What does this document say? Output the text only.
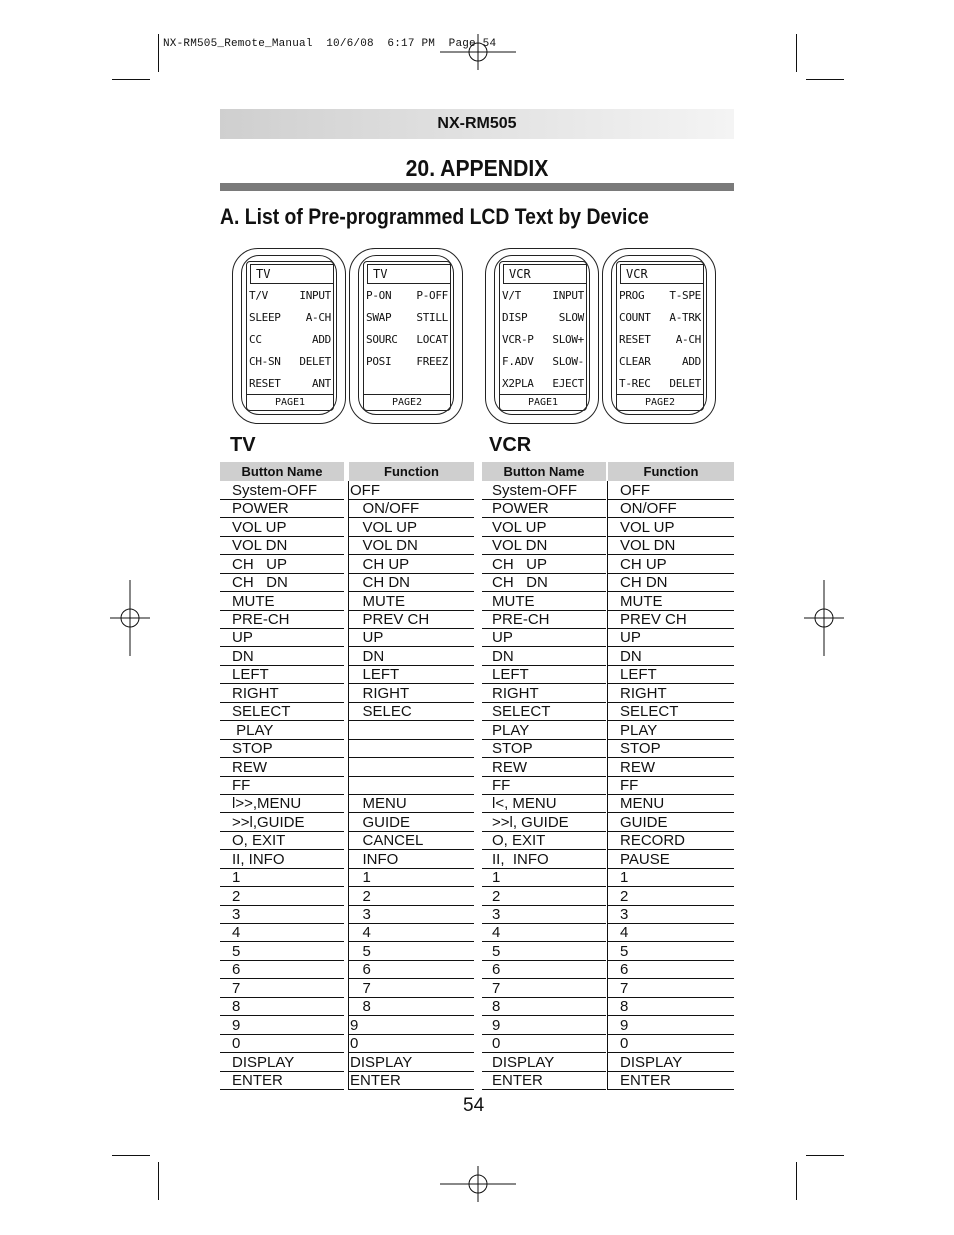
NX-RM505_Remote_Manual  10/6/08  6:17 PM  Page 54
NX-RM505
20. APPENDIX
A. List of Pre-programmed LCD Text by Device
TV
T/V	INPUT
SLEEP A-CH
CC	ADD
CH-SN DELET
RESET	ANT
PAGE1
TV
P-ON P-OFF
SWAP STILL
SOURC LOCAT
POSI FREEZ
PAGE2
VCR
V/T	INPUT
DISP	SLOW
VCR-P SLOW+
F.ADV SLOW-
X2PLA EJECT
PAGE1
VCR
PROG T-SPE
COUNT A-TRK
RESET A-CH
CLEAR	ADD
T-REC DELET
PAGE2
TV	VCR
Button Name			Function
System-OFF			OFF
POWER			ON/OFF
VOL UP			VOL UP
VOL DN			VOL DN
CH   UP			CH UP
CH   DN			CH DN
MUTE			MUTE
PRE-CH			PREV CH
UP			UP
DN			DN
LEFT			LEFT
RIGHT			RIGHT
SELECT			SELEC
PLAY			
STOP			
REW			
FF			
l>>,MENU			MENU
>>l,GUIDE			GUIDE
O, EXIT			CANCEL
II, INFO			INFO
1			1
2			2
3			3
4			4
5			5
6			6
7			7
8			8
9			9
0			0
DISPLAY			DISPLAY
ENTER			ENTER
Button Name			Function
System-OFF			OFF
POWER			ON/OFF
VOL UP			VOL UP
VOL DN			VOL DN
CH   UP			CH UP
CH   DN			CH DN
MUTE			MUTE
PRE-CH			PREV CH
UP			UP
DN			DN
LEFT			LEFT
RIGHT			RIGHT
SELECT			SELECT
PLAY			PLAY
STOP			STOP
REW			REW
FF			FF
l<, MENU			MENU
>>l, GUIDE			GUIDE
O, EXIT			RECORD
II,  INFO			PAUSE
1			1
2			2
3			3
4			4
5			5
6			6
7			7
8			8
9			9
0			0
DISPLAY			DISPLAY
ENTER			ENTER
54
